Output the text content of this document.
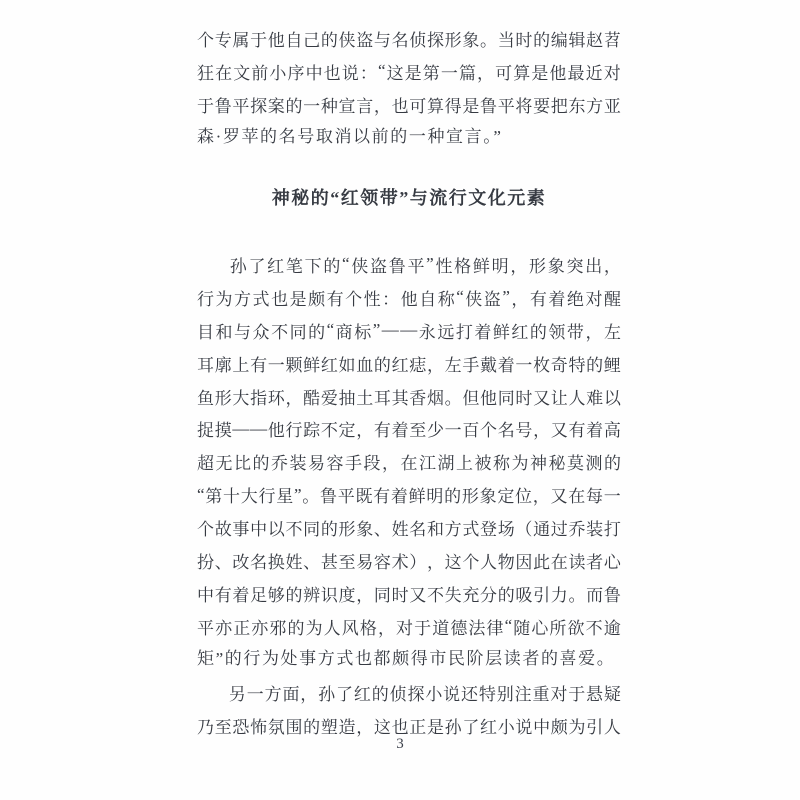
个 专 属 于 他 自 己 的 侠 盗 与 名 侦 探 形 象 。 当 时 的 编 辑 赵 苕
狂 在 文 前 小 序 中 也 说 ： “ 这 是 第 一 篇 ， 可 算 是 他 最 近 对
于 鲁 平 探 案 的 一 种 宣 言 ， 也 可 算 得 是 鲁 平 将 要 把 东 方 亚
森·罗苹的名号取消以前的一种宣言。”
神秘的“红领带”与流行文化元素
孙 了 红 笔 下 的 “ 侠 盗 鲁 平 ” 性 格 鲜 明 ， 形 象 突 出 ，
行 为 方 式 也 是 颇 有 个 性 ： 他 自 称 “ 侠 盗 ” ， 有 着 绝 对 醒
目 和 与 众 不 同 的 “ 商 标 ” — — 永 远 打 着 鲜 红 的 领 带 ， 左
耳 廓 上 有 一 颗 鲜 红 如 血 的 红 痣 ， 左 手 戴 着 一 枚 奇 特 的 鲤
鱼 形 大 指 环 ， 酷 爱 抽 土 耳 其 香 烟 。 但 他 同 时 又 让 人 难 以
捉 摸 — — 他 行 踪 不 定 ， 有 着 至 少 一 百 个 名 号 ， 又 有 着 高
超 无 比 的 乔 装 易 容 手 段 ， 在 江 湖 上 被 称 为 神 秘 莫 测 的
“ 第 十 大 行 星 ” 。 鲁 平 既 有 着 鲜 明 的 形 象 定 位 ， 又 在 每 一
个 故 事 中 以 不 同 的 形 象 、 姓 名 和 方 式 登 场 （ 通 过 乔 装 打
扮 、 改 名 换 姓 、 甚 至 易 容 术 ） ， 这 个 人 物 因 此 在 读 者 心
中 有 着 足 够 的 辨 识 度 ， 同 时 又 不 失 充 分 的 吸 引 力 。 而 鲁
平 亦 正 亦 邪 的 为 人 风 格 ， 对 于 道 德 法 律 “ 随 心 所 欲 不 逾
矩”的行为处事方式也都颇得市民阶层读者的喜爱。
另 一 方 面 ， 孙 了 红 的 侦 探 小 说 还 特 别 注 重 对 于 悬 疑
乃 至 恐 怖 氛 围 的 塑 造 ， 这 也 正 是 孙 了 红 小 说 中 颇 为 引 人
3
